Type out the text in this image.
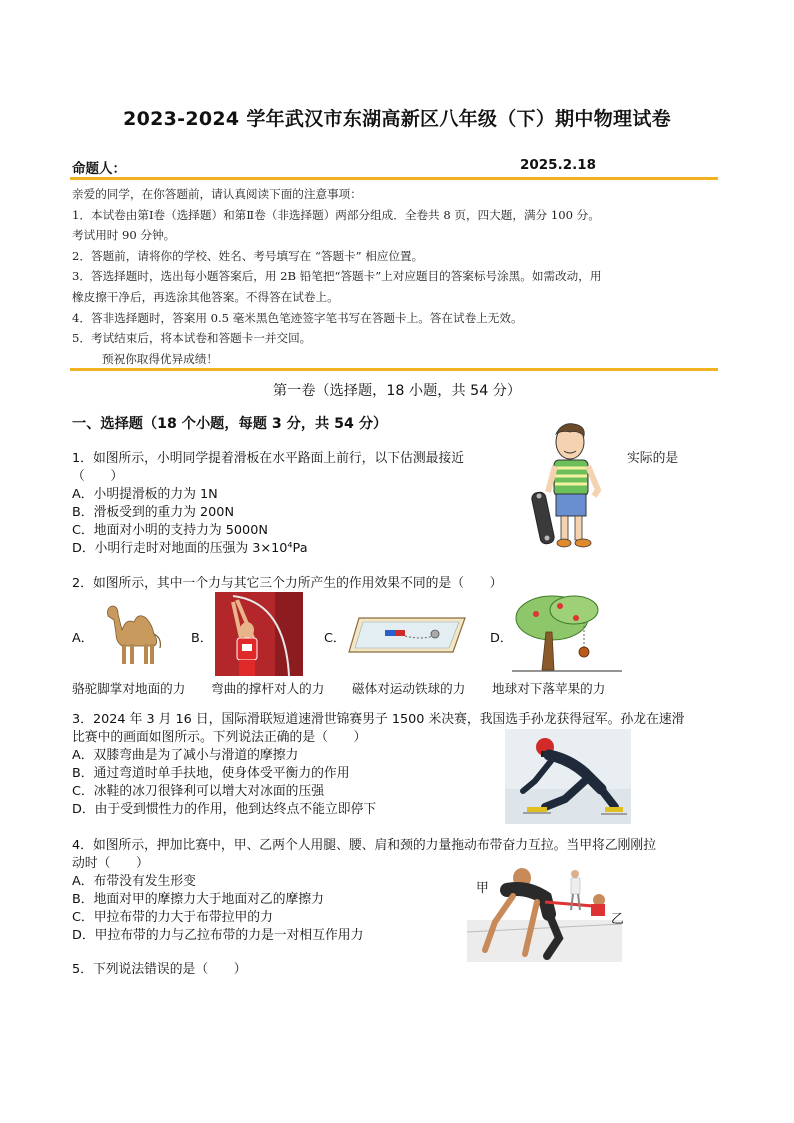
2023-2024 学年武汉市东湖高新区八年级（下）期中物理试卷
命题人：	2025.2.18
亲爱的同学，在你答题前，请认真阅读下面的注意事项：
1．本试卷由第Ⅰ卷（选择题）和第Ⅱ卷（非选择题）两部分组成．全卷共 8 页，四大题，满分 100 分。
考试用时 90 分钟。
2．答题前，请将你的学校、姓名、考号填写在 “答题卡” 相应位置。
3．答选择题时，选出每小题答案后，用 2B 铅笔把“答题卡”上对应题目的答案标号涂黑。如需改动，用
橡皮擦干净后，再选涂其他答案。不得答在试卷上。
4．答非选择题时，答案用 0.5 毫米黑色笔迹签字笔书写在答题卡上。答在试卷上无效。
5．考试结束后，将本试卷和答题卡一并交回。
预祝你取得优异成绩！
第一卷（选择题，18 小题，共 54 分）
一、选择题（18 个小题，每题 3 分，共 54 分）
1．如图所示，小明同学提着滑板在水平路面上前行，以下估测最接近
（　　）
A．小明提滑板的力为 1N
B．滑板受到的重力为 200N
C．地面对小明的支持力为 5000N
D．小明行走时对地面的压强为 3×10⁴Pa
实际的是
2．如图所示，其中一个力与其它三个力所产生的作用效果不同的是（　　）
A．	B．	C．	D．
骆驼脚掌对地面的力 弯曲的撑杆对人的力 磁体对运动铁球的力 地球对下落苹果的力
3．2024 年 3 月 16 日，国际滑联短道速滑世锦赛男子 1500 米决赛，我国选手孙龙获得冠军。孙龙在速滑
比赛中的画面如图所示。下列说法正确的是（　　）
A．双膝弯曲是为了减小与滑道的摩擦力
B．通过弯道时单手扶地，使身体受平衡力的作用
C．冰鞋的冰刀很锋利可以增大对冰面的压强
D．由于受到惯性力的作用，他到达终点不能立即停下
4．如图所示，押加比赛中，甲、乙两个人用腿、腰、肩和颈的力量拖动布带奋力互拉。当甲将乙刚刚拉
动时（　　）
A．布带没有发生形变
B．地面对甲的摩擦力大于地面对乙的摩擦力
C．甲拉布带的力大于布带拉甲的力
D．甲拉布带的力与乙拉布带的力是一对相互作用力
甲
乙
5．下列说法错误的是（　　）
